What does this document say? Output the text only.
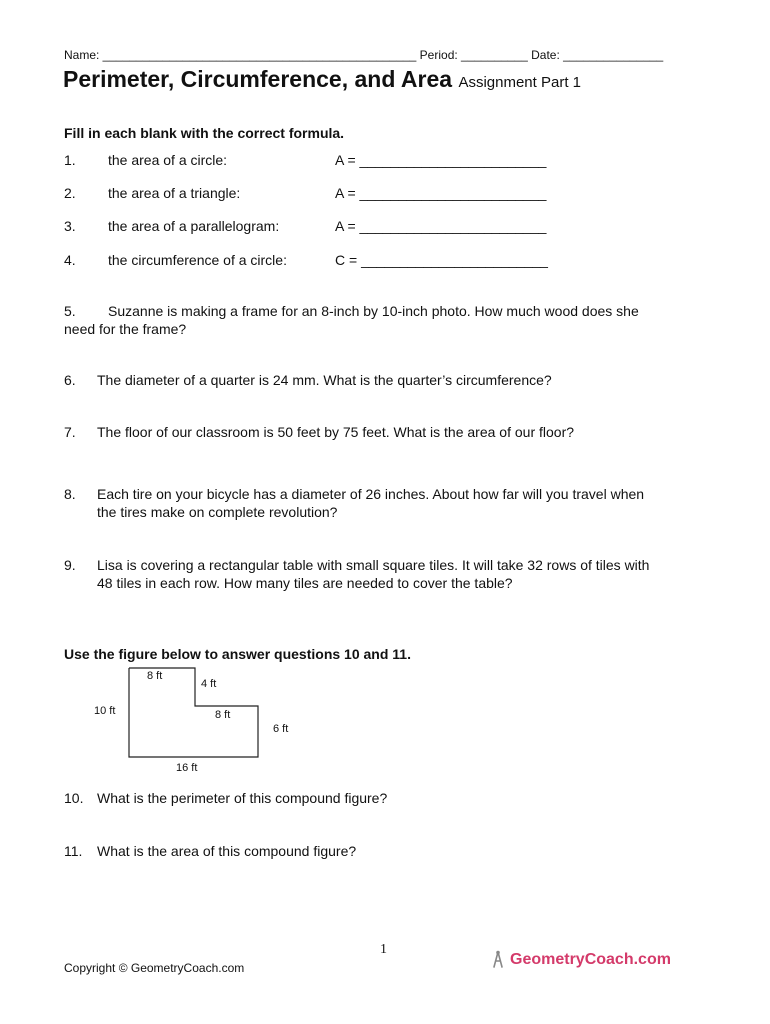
Name: _______________________________________________ Period: __________ Date: _______________
Perimeter, Circumference, and Area Assignment Part 1
Fill in each blank with the correct formula.
1. the area of a circle:	A = ________________________
2. the area of a triangle:	A = ________________________
3. the area of a parallelogram:	A = ________________________
4. the circumference of a circle:	C = ________________________
5. Suzanne is making a frame for an 8-inch by 10-inch photo. How much wood does she
need for the frame?
6. The diameter of a quarter is 24 mm. What is the quarter’s circumference?
7. The floor of our classroom is 50 feet by 75 feet. What is the area of our floor?
8. Each tire on your bicycle has a diameter of 26 inches. About how far will you travel when
the tires make on complete revolution?
9. Lisa is covering a rectangular table with small square tiles. It will take 32 rows of tiles with
48 tiles in each row. How many tiles are needed to cover the table?
Use the figure below to answer questions 10 and 11.
8 ft
4 ft
10 ft	8 ft
6 ft
16 ft
10. What is the perimeter of this compound figure?
11. What is the area of this compound figure?
1
Copyright © GeometryCoach.com	GeometryCoach.com
